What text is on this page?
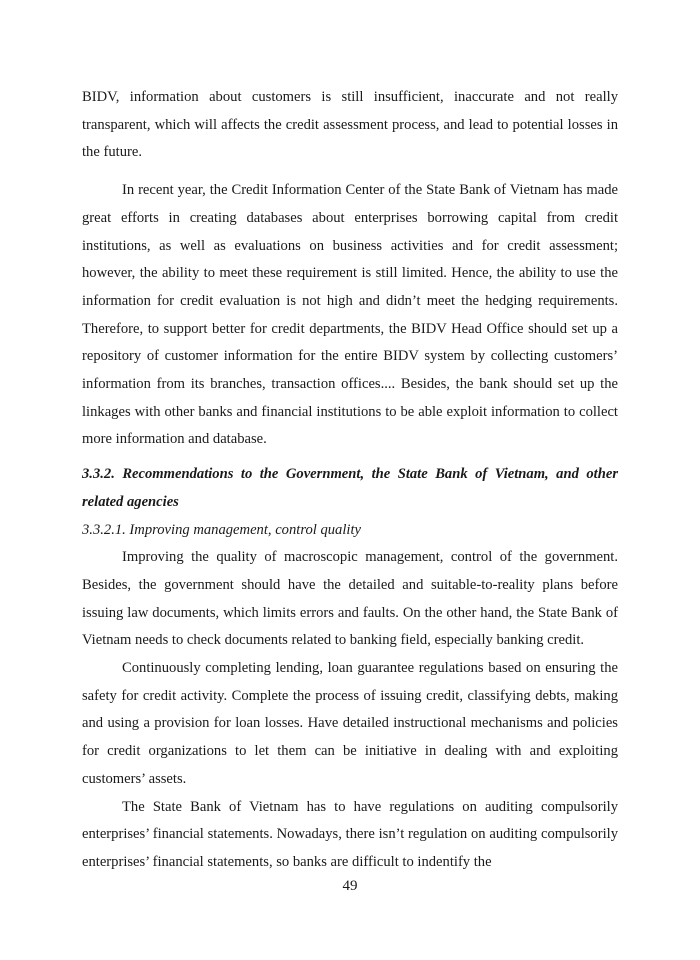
BIDV, information about customers is still insufficient, inaccurate and not really transparent, which will affects the credit assessment process, and lead to potential losses in the future.

In recent year, the Credit Information Center of the State Bank of Vietnam has made great efforts in creating databases about enterprises borrowing capital from credit institutions, as well as evaluations on business activities and for credit assessment; however, the ability to meet these requirement is still limited. Hence, the ability to use the information for credit evaluation is not high and didn’t meet the hedging requirements. Therefore, to support better for credit departments, the BIDV Head Office should set up a repository of customer information for the entire BIDV system by collecting customers’ information from its branches, transaction offices.... Besides, the bank should set up the linkages with other banks and financial institutions to be able exploit information to collect more information and database.

3.3.2. Recommendations to the Government, the State Bank of Vietnam, and other related agencies

3.3.2.1. Improving management, control quality

Improving the quality of macroscopic management, control of the government. Besides, the government should have the detailed and suitable-to-reality plans before issuing law documents, which limits errors and faults. On the other hand, the State Bank of Vietnam needs to check documents related to banking field, especially banking credit.

Continuously completing lending, loan guarantee regulations based on ensuring the safety for credit activity. Complete the process of issuing credit, classifying debts, making and using a provision for loan losses. Have detailed instructional mechanisms and policies for credit organizations to let them can be initiative in dealing with and exploiting customers’ assets.

The State Bank of Vietnam has to have regulations on auditing compulsorily enterprises’ financial statements. Nowadays, there isn’t regulation on auditing compulsorily enterprises’ financial statements, so banks are difficult to indentify the

49
